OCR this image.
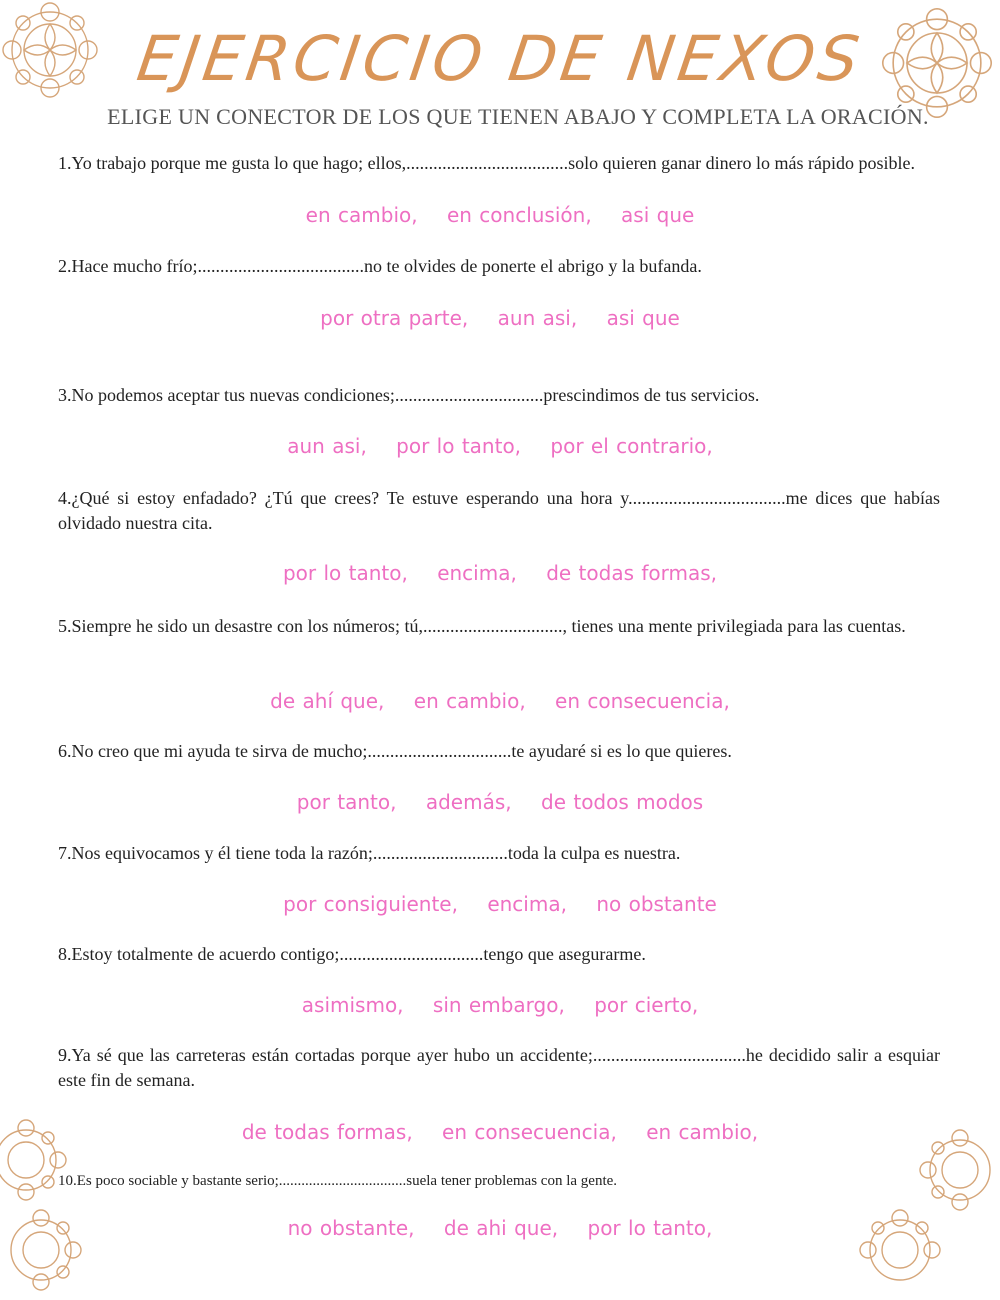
EJERCICIO DE NEXOS
ELIGE UN CONECTOR DE LOS QUE TIENEN ABAJO Y COMPLETA LA ORACIÓN.
1.Yo trabajo porque me gusta lo que hago; ellos,....................................solo quieren ganar dinero lo más rápido posible.
en cambio, en conclusión, asi que
2.Hace mucho frío;.....................................no te olvides de ponerte el abrigo y la bufanda.
por otra parte, aun asi, asi que
3.No podemos aceptar tus nuevas condiciones;.................................prescindimos de tus servicios.
aun asi, por lo tanto, por el contrario,
4.¿Qué si estoy enfadado? ¿Tú que crees? Te estuve esperando una hora y...................................me dices que habías olvidado nuestra cita.
por lo tanto, encima, de todas formas,
5.Siempre he sido un desastre con los números; tú,..............................., tienes una mente privilegiada para las cuentas.
de ahí que, en cambio, en consecuencia,
6.No creo que mi ayuda te sirva de mucho;................................te ayudaré si es lo que quieres.
por tanto, además, de todos modos
7.Nos equivocamos y él tiene toda la razón;..............................toda la culpa es nuestra.
por consiguiente, encima, no obstante
8.Estoy totalmente de acuerdo contigo;................................tengo que asegurarme.
asimismo, sin embargo, por cierto,
9.Ya sé que las carreteras están cortadas porque ayer hubo un accidente;..................................he decidido salir a esquiar este fin de semana.
de todas formas, en consecuencia, en cambio,
10.Es poco sociable y bastante serio;..................................suela tener problemas con la gente.
no obstante, de ahi que, por lo tanto,
